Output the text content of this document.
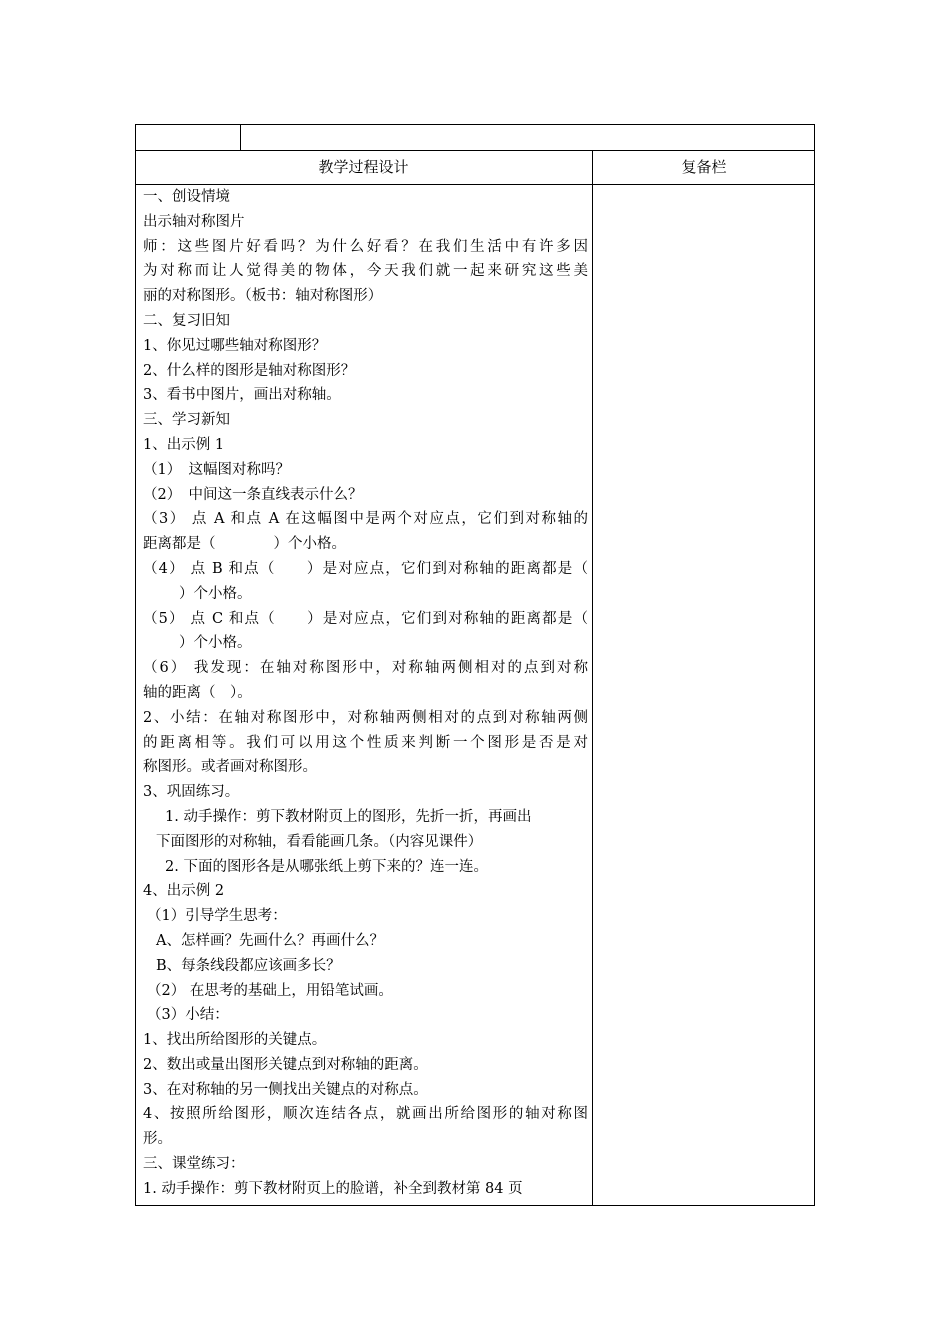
教学过程设计	复备栏
一、创设情境
出示轴对称图片
师：这些图片好看吗？为什么好看？在我们生活中有许多因
为对称而让人觉得美的物体，今天我们就一起来研究这些美
丽的对称图形。（板书：轴对称图形）
二、复习旧知
1、你见过哪些轴对称图形？
2、什么样的图形是轴对称图形？
3、看书中图片，画出对称轴。
三、学习新知
1、出示例 1
（1）　这幅图对称吗？
（2）　中间这一条直线表示什么？
（3） 点 A 和点 A 在这幅图中是两个对应点，它们到对称轴的
距离都是（　　　　）个小格。
（4） 点 B 和点（　　）是对应点，它们到对称轴的距离都是（
）个小格。
（5） 点 C 和点（　　）是对应点，它们到对称轴的距离都是（
）个小格。
（6） 我发现：在轴对称图形中，对称轴两侧相对的点到对称
轴的距离（　）。
2、小结：在轴对称图形中，对称轴两侧相对的点到对称轴两侧
的距离相等。我们可以用这个性质来判断一个图形是否是对
称图形。或者画对称图形。
3、巩固练习。
1. 动手操作：剪下教材附页上的图形，先折一折，再画出
下面图形的对称轴，看看能画几条。（内容见课件）
2. 下面的图形各是从哪张纸上剪下来的？连一连。
4、出示例 2
（1）引导学生思考：
A、怎样画？先画什么？再画什么？
B、每条线段都应该画多长？
（2） 在思考的基础上，用铅笔试画。
（3）小结：
1、找出所给图形的关键点。
2、数出或量出图形关键点到对称轴的距离。
3、在对称轴的另一侧找出关键点的对称点。
4、按照所给图形，顺次连结各点，就画出所给图形的轴对称图
形。
三、课堂练习：
1. 动手操作：剪下教材附页上的脸谱，补全到教材第 84 页
